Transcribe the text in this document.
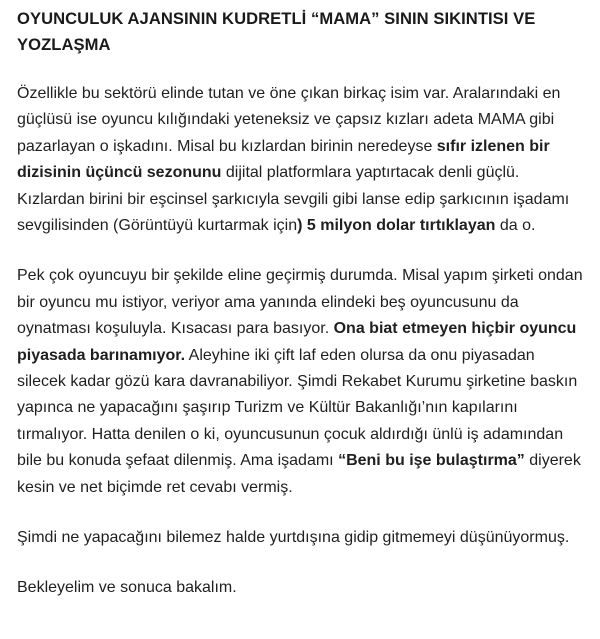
OYUNCULUK AJANSININ KUDRETLİ “MAMA” SININ SIKINTISI VE YOZLAŞMA

Özellikle bu sektörü elinde tutan ve öne çıkan birkaç isim var. Aralarındaki en güçlüsü ise oyuncu kılığındaki yeteneksiz ve çapsız kızları adeta MAMA gibi pazarlayan o işkadını. Misal bu kızlardan birinin neredeyse sıfır izlenen bir dizisinin üçüncü sezonunu dijital platformlara yaptırtacak denli güçlü. Kızlardan birini bir eşcinsel şarkıcıyla sevgili gibi lanse edip şarkıcının işadamı sevgilisinden (Görüntüyü kurtarmak için) 5 milyon dolar tırtıklayan da o.

Pek çok oyuncuyu bir şekilde eline geçirmiş durumda. Misal yapım şirketi ondan bir oyuncu mu istiyor, veriyor ama yanında elindeki beş oyuncusunu da oynatması koşuluyla. Kısacası para basıyor. Ona biat etmeyen hiçbir oyuncu piyasada barınamıyor. Aleyhine iki çift laf eden olursa da onu piyasadan silecek kadar gözü kara davranabiliyor. Şimdi Rekabet Kurumu şirketine baskın yapınca ne yapacağını şaşırıp Turizm ve Kültür Bakanlığı’nın kapılarını tırmalıyor. Hatta denilen o ki, oyuncusunun çocuk aldırdığı ünlü iş adamından bile bu konuda şefaat dilenmiş. Ama işadamı “Beni bu işe bulaştırma” diyerek kesin ve net biçimde ret cevabı vermiş.

Şimdi ne yapacağını bilemez halde yurtdışına gidip gitmemeyi düşünüyormuş.

Bekleyelim ve sonuca bakalım.
